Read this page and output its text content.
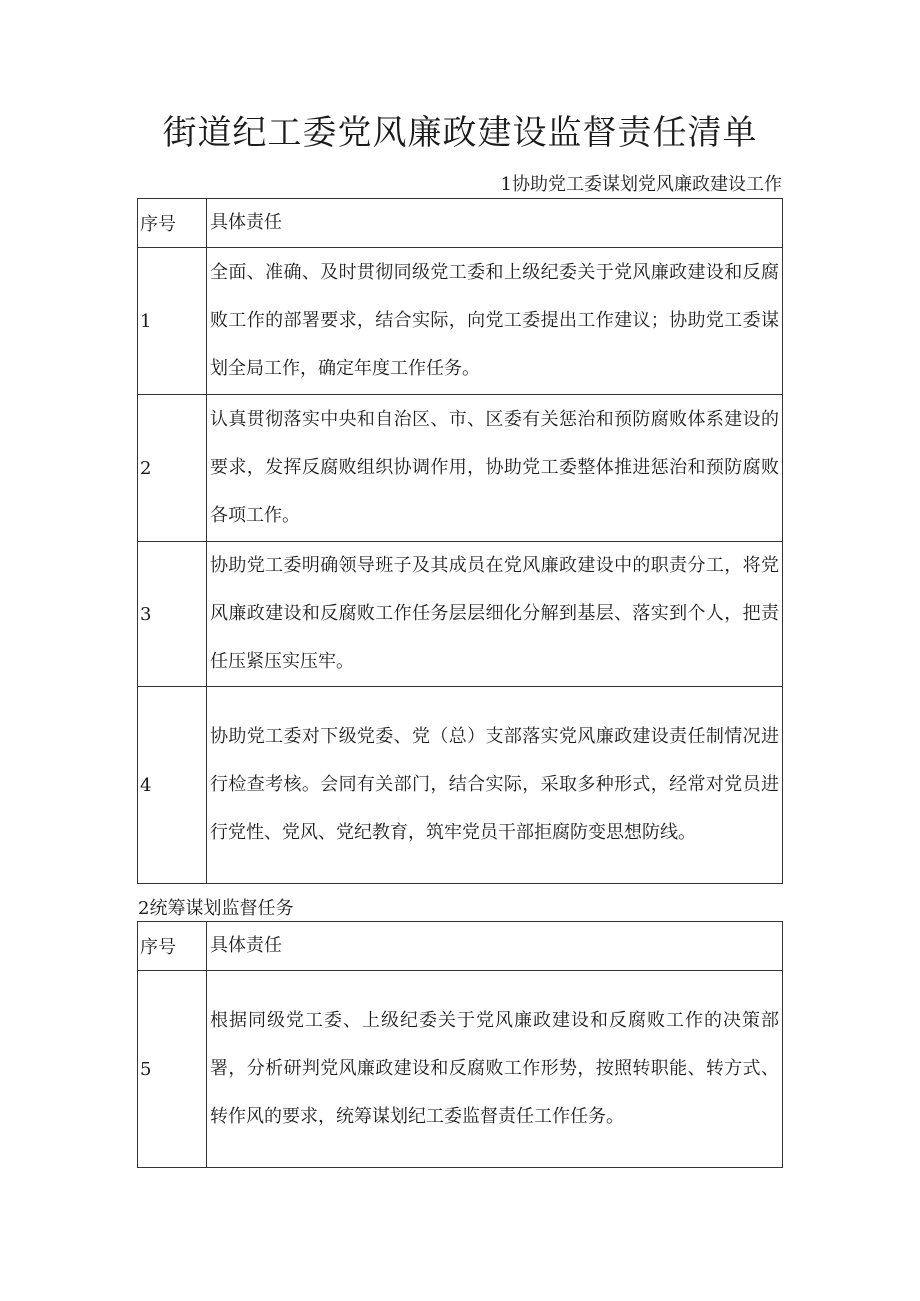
街道纪工委党风廉政建设监督责任清单
1协助党工委谋划党风廉政建设工作
序号	具体责任
1	全面、准确、及时贯彻同级党工委和上级纪委关于党风廉政建设和反腐败工作的部署要求，结合实际，向党工委提出工作建议；协助党工委谋划全局工作，确定年度工作任务。
2	认真贯彻落实中央和自治区、市、区委有关惩治和预防腐败体系建设的要求，发挥反腐败组织协调作用，协助党工委整体推进惩治和预防腐败各项工作。
3	协助党工委明确领导班子及其成员在党风廉政建设中的职责分工，将党风廉政建设和反腐败工作任务层层细化分解到基层、落实到个人，把责任压紧压实压牢。
4	协助党工委对下级党委、党（总）支部落实党风廉政建设责任制情况进行检查考核。会同有关部门，结合实际，采取多种形式，经常对党员进行党性、党风、党纪教育，筑牢党员干部拒腐防变思想防线。
2统筹谋划监督任务
序号	具体责任
5	根据同级党工委、上级纪委关于党风廉政建设和反腐败工作的决策部署，分析研判党风廉政建设和反腐败工作形势，按照转职能、转方式、转作风的要求，统筹谋划纪工委监督责任工作任务。
